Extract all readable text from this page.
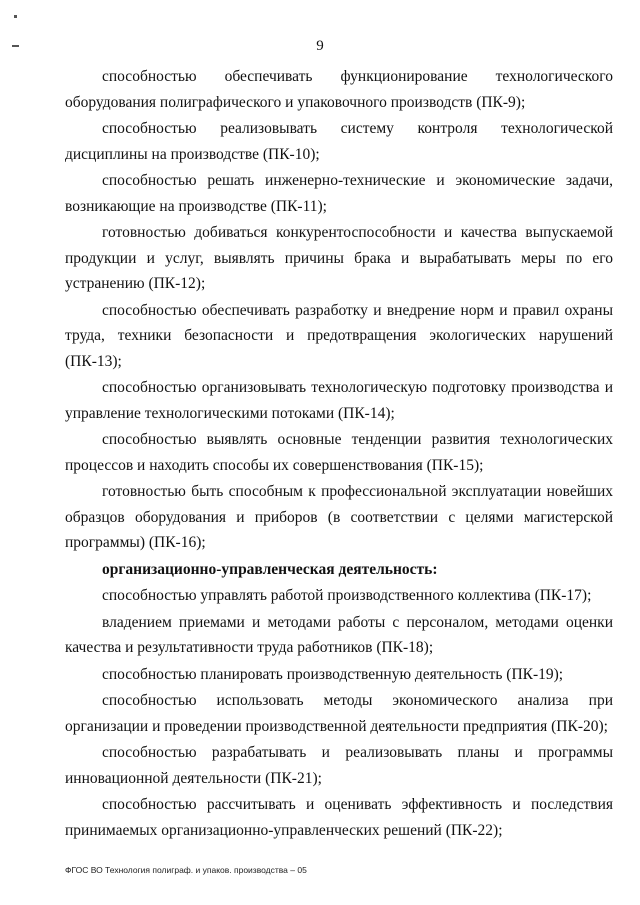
9

способностью обеспечивать функционирование технологического оборудования полиграфического и упаковочного производств (ПК-9);

способностью реализовывать систему контроля технологической дисциплины на производстве (ПК-10);

способностью решать инженерно-технические и экономические задачи, возникающие на производстве (ПК-11);

готовностью добиваться конкурентоспособности и качества выпускаемой продукции и услуг, выявлять причины брака и вырабатывать меры по его устранению (ПК-12);

способностью обеспечивать разработку и внедрение норм и правил охраны труда, техники безопасности и предотвращения экологических нарушений (ПК-13);

способностью организовывать технологическую подготовку производства и управление технологическими потоками (ПК-14);

способностью выявлять основные тенденции развития технологических процессов и находить способы их совершенствования (ПК-15);

готовностью быть способным к профессиональной эксплуатации новейших образцов оборудования и приборов (в соответствии с целями магистерской программы) (ПК-16);

организационно-управленческая деятельность:

способностью управлять работой производственного коллектива (ПК-17);

владением приемами и методами работы с персоналом, методами оценки качества и результативности труда работников (ПК-18);

способностью планировать производственную деятельность (ПК-19);

способностью использовать методы экономического анализа при организации и проведении производственной деятельности предприятия (ПК-20);

способностью разрабатывать и реализовывать планы и программы инновационной деятельности (ПК-21);

способностью рассчитывать и оценивать эффективность и последствия принимаемых организационно-управленческих решений (ПК-22);

ФГОС ВО Технология полиграф. и упаков. производства – 05
